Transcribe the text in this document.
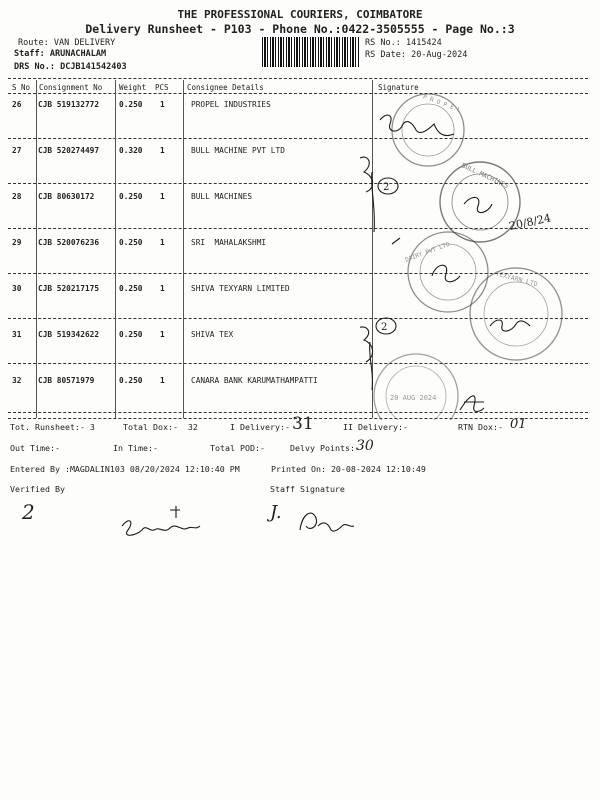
THE PROFESSIONAL COURIERS, COIMBATORE
Delivery Runsheet - P103 - Phone No.:0422-3505555 - Page No.:3
Route: VAN DELIVERY
Staff: ARUNACHALAM
DRS No.: DCJB141542403
RS No.: 1415424
RS Date: 20-Aug-2024
S No Consignment No Weight PCS Consignee Details	Signature
26 CJB 519132772	0.250 1	PROPEL INDUSTRIES
27 CJB 520274497	0.320 1	BULL MACHINE PVT LTD
28 CJB 80630172	0.250 1	BULL MACHINES
29 CJB 520076236	0.250 1	SRI  MAHALAKSHMI
30 CJB 520217175	0.250 1	SHIVA TEXYARN LIMITED
31 CJB 519342622	0.250 1	SHIVA TEX
32 CJB 80571979	0.250 1	CANARA BANK KARUMATHAMPATTI
P R O P E L
2	BULL MACHINES
20/8/24
DAIRY PVT LTD
TEXYARN LTD
2
20 AUG 2024
Tot. Runsheet:- 3	Total Dox:-  32	I Delivery:- 31	II Delivery:-	RTN Dox:- 01
Out Time:-	In Time:-	Total POD:-	Delvy Points:-
30
Entered By :MAGDALIN103 08/20/2024 12:10:40 PM	Printed On: 20-08-2024 12:10:49
Verified By	Staff Signature
2	J.
